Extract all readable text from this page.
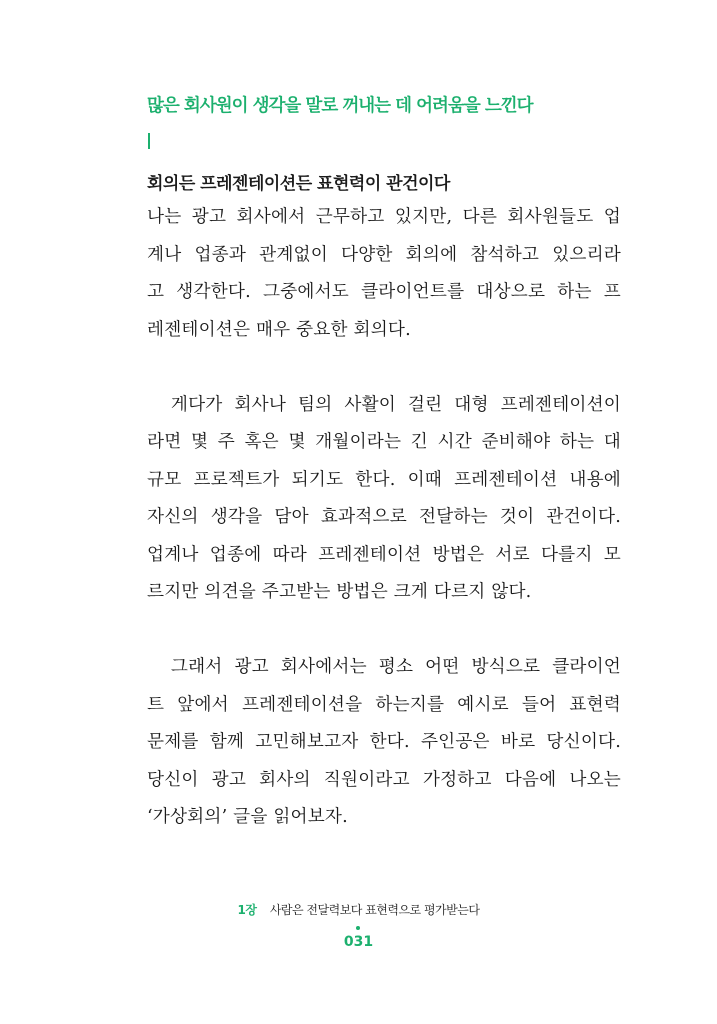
많은 회사원이 생각을 말로 꺼내는 데 어려움을 느낀다
회의든 프레젠테이션든 표현력이 관건이다

나는 광고 회사에서 근무하고 있지만, 다른 회사원들도 업
계나 업종과 관계없이 다양한 회의에 참석하고 있으리라
고 생각한다. 그중에서도 클라이언트를 대상으로 하는 프
레젠테이션은 매우 중요한 회의다.

게다가 회사나 팀의 사활이 걸린 대형 프레젠테이션이
라면 몇 주 혹은 몇 개월이라는 긴 시간 준비해야 하는 대
규모 프로젝트가 되기도 한다. 이때 프레젠테이션 내용에
자신의 생각을 담아 효과적으로 전달하는 것이 관건이다.
업계나 업종에 따라 프레젠테이션 방법은 서로 다를지 모
르지만 의견을 주고받는 방법은 크게 다르지 않다.

그래서 광고 회사에서는 평소 어떤 방식으로 클라이언
트 앞에서 프레젠테이션을 하는지를 예시로 들어 표현력
문제를 함께 고민해보고자 한다. 주인공은 바로 당신이다.
당신이 광고 회사의 직원이라고 가정하고 다음에 나오는
‘가상회의’ 글을 읽어보자.

1장 사람은 전달력보다 표현력으로 평가받는다
031
